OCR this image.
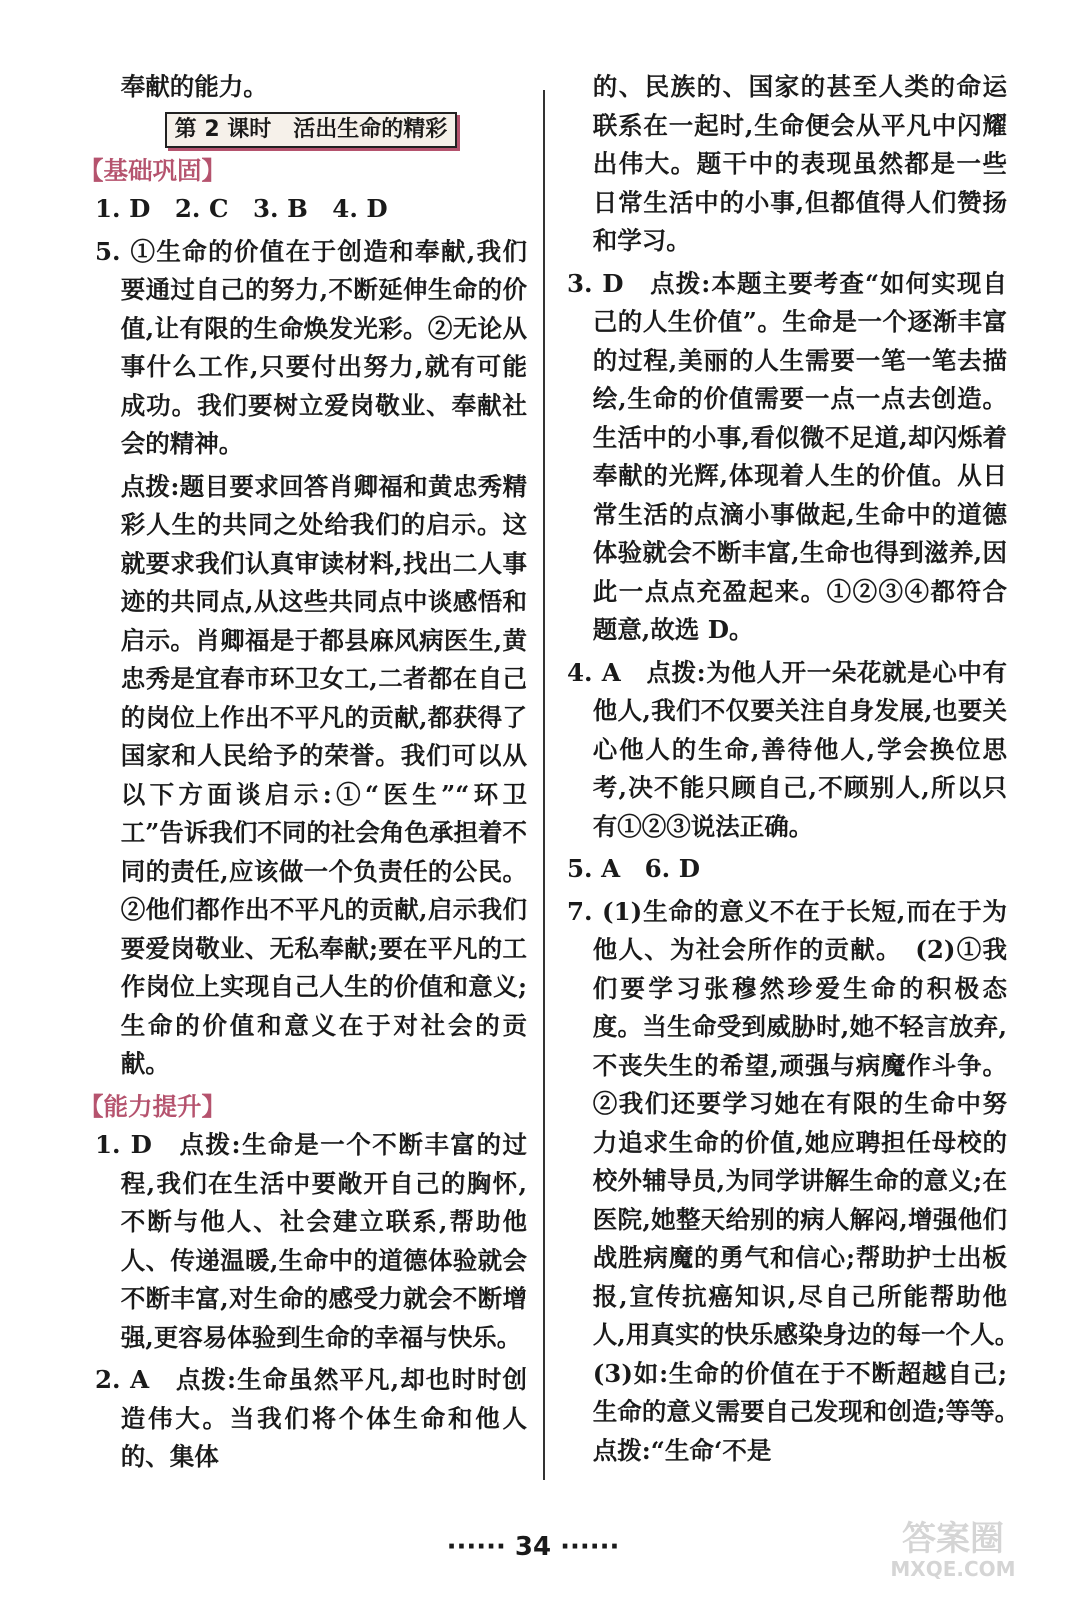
奉献的能力。

第 2 课时　活出生命的精彩

【基础巩固】

1. D　2. C　3. B　4. D

5. ①生命的价值在于创造和奉献,我们要通过自己的努力,不断延伸生命的价值,让有限的生命焕发光彩。②无论从事什么工作,只要付出努力,就有可能成功。我们要树立爱岗敬业、奉献社会的精神。

点拨:题目要求回答肖卿福和黄忠秀精彩人生的共同之处给我们的启示。这就要求我们认真审读材料,找出二人事迹的共同点,从这些共同点中谈感悟和启示。肖卿福是于都县麻风病医生,黄忠秀是宜春市环卫女工,二者都在自己的岗位上作出不平凡的贡献,都获得了国家和人民给予的荣誉。我们可以从以下方面谈启示:①“医生”“环卫工”告诉我们不同的社会角色承担着不同的责任,应该做一个负责任的公民。②他们都作出不平凡的贡献,启示我们要爱岗敬业、无私奉献;要在平凡的工作岗位上实现自己人生的价值和意义;生命的价值和意义在于对社会的贡献。

【能力提升】

1. D　点拨:生命是一个不断丰富的过程,我们在生活中要敞开自己的胸怀,不断与他人、社会建立联系,帮助他人、传递温暖,生命中的道德体验就会不断丰富,对生命的感受力就会不断增强,更容易体验到生命的幸福与快乐。

2. A　点拨:生命虽然平凡,却也时时创造伟大。当我们将个体生命和他人的、集体

的、民族的、国家的甚至人类的命运联系在一起时,生命便会从平凡中闪耀出伟大。题干中的表现虽然都是一些日常生活中的小事,但都值得人们赞扬和学习。

3. D　点拨:本题主要考查“如何实现自己的人生价值”。生命是一个逐渐丰富的过程,美丽的人生需要一笔一笔去描绘,生命的价值需要一点一点去创造。生活中的小事,看似微不足道,却闪烁着奉献的光辉,体现着人生的价值。从日常生活的点滴小事做起,生命中的道德体验就会不断丰富,生命也得到滋养,因此一点点充盈起来。①②③④都符合题意,故选 D。

4. A　点拨:为他人开一朵花就是心中有他人,我们不仅要关注自身发展,也要关心他人的生命,善待他人,学会换位思考,决不能只顾自己,不顾别人,所以只有①②③说法正确。

5. A　6. D

7. (1)生命的意义不在于长短,而在于为他人、为社会所作的贡献。　(2)①我们要学习张穆然珍爱生命的积极态度。当生命受到威胁时,她不轻言放弃,不丧失生的希望,顽强与病魔作斗争。②我们还要学习她在有限的生命中努力追求生命的价值,她应聘担任母校的校外辅导员,为同学讲解生命的意义;在医院,她整天给别的病人解闷,增强他们战胜病魔的勇气和信心;帮助护士出板报,宣传抗癌知识,尽自己所能帮助他人,用真实的快乐感染身边的每一个人。　(3)如:生命的价值在于不断超越自己;生命的意义需要自己发现和创造;等等。　点拨:“生命‘不是

······ 34 ······	答案圈
MXQE.COM
